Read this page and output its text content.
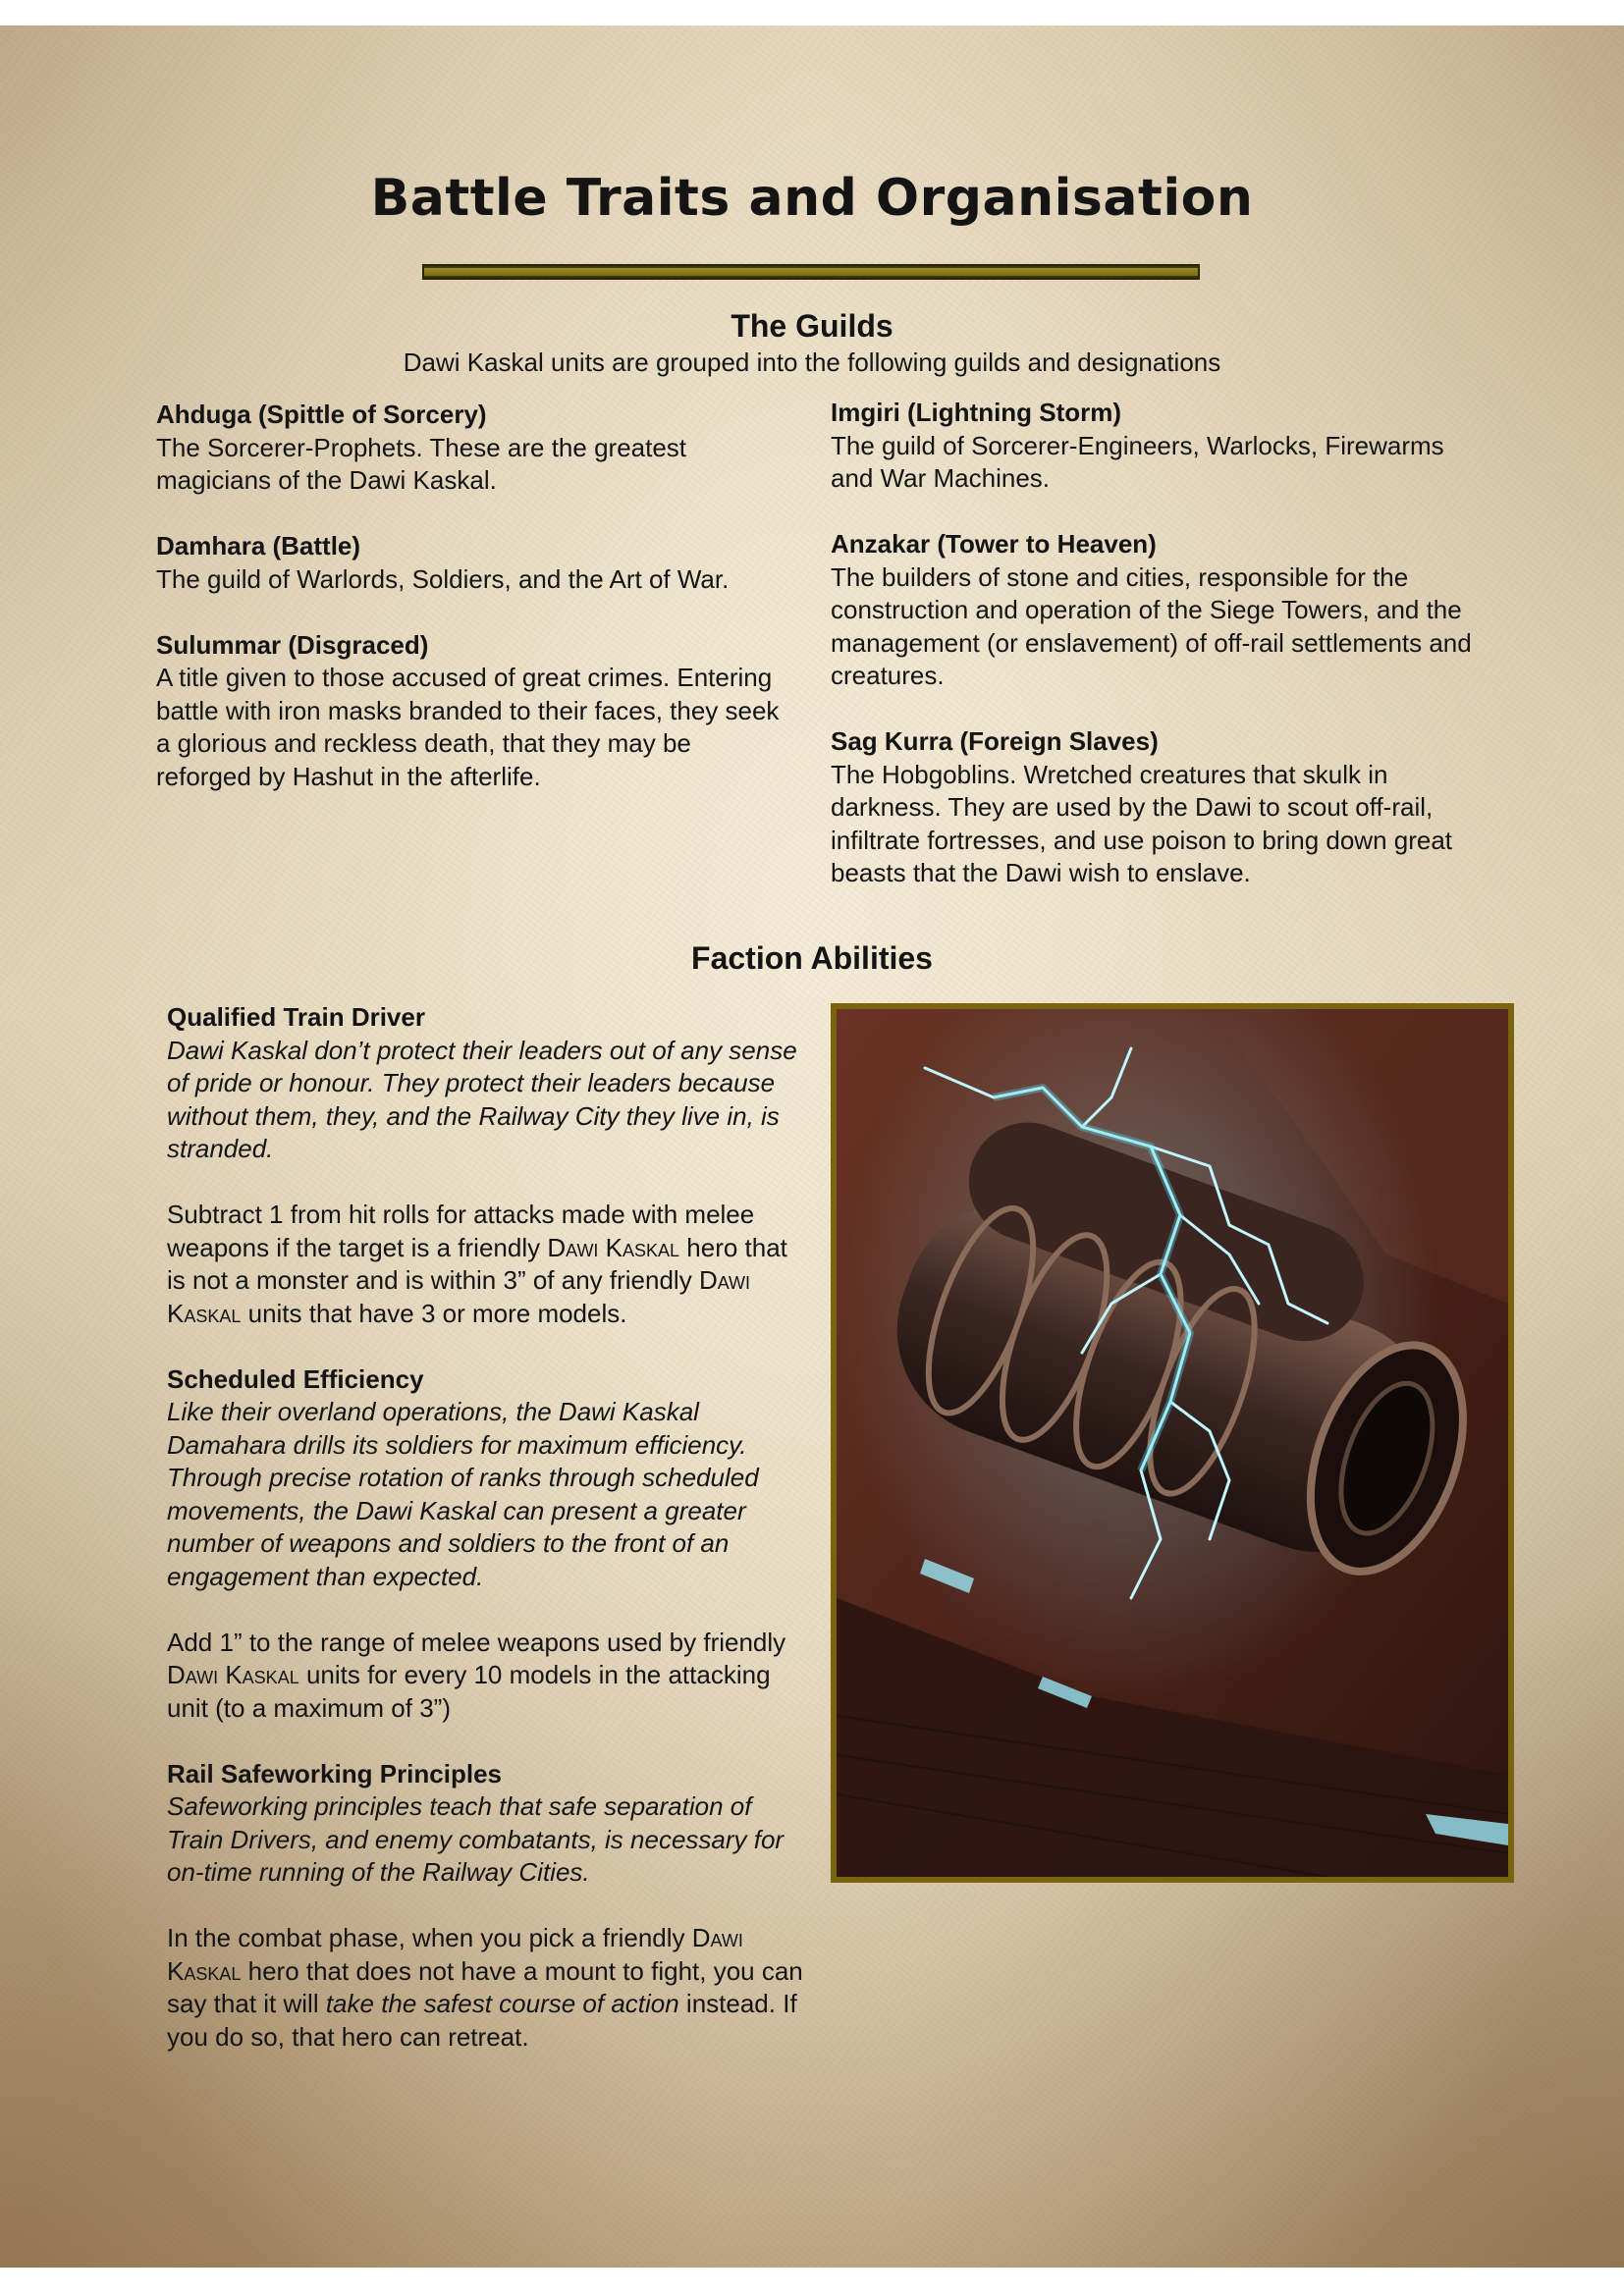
Battle Traits and Organisation
The Guilds

Dawi Kaskal units are grouped into the following guilds and designations

Ahduga (Spittle of Sorcery)
The Sorcerer-Prophets. These are the greatest magicians of the Dawi Kaskal.
Damhara (Battle)
The guild of Warlords, Soldiers, and the Art of War.
Sulummar (Disgraced)
A title given to those accused of great crimes. Entering battle with iron masks branded to their faces, they seek a glorious and reckless death, that they may be reforged by Hashut in the afterlife.
Imgiri (Lightning Storm)
The guild of Sorcerer-Engineers, Warlocks, Firewarms and War Machines.
Anzakar (Tower to Heaven)
The builders of stone and cities, responsible for the construction and operation of the Siege Towers, and the management (or enslavement) of off-rail settlements and creatures.
Sag Kurra (Foreign Slaves)
The Hobgoblins. Wretched creatures that skulk in darkness. They are used by the Dawi to scout off-rail, infiltrate fortresses, and use poison to bring down great beasts that the Dawi wish to enslave.
Faction Abilities
Qualified Train Driver
Dawi Kaskal don’t protect their leaders out of any sense of pride or honour. They protect their leaders because without them, they, and the Railway City they live in, is stranded.
Subtract 1 from hit rolls for attacks made with melee weapons if the target is a friendly Dawi Kaskal hero that is not a monster and is within 3” of any friendly Dawi Kaskal units that have 3 or more models.
Scheduled Efficiency
Like their overland operations, the Dawi Kaskal Damahara drills its soldiers for maximum efficiency. Through precise rotation of ranks through scheduled movements, the Dawi Kaskal can present a greater number of weapons and soldiers to the front of an engagement than expected.
Add 1” to the range of melee weapons used by friendly Dawi Kaskal units for every 10 models in the attacking unit (to a maximum of 3”)
Rail Safeworking Principles
Safeworking principles teach that safe separation of Train Drivers, and enemy combatants, is necessary for on-time running of the Railway Cities.
In the combat phase, when you pick a friendly Dawi Kaskal hero that does not have a mount to fight, you can say that it will take the safest course of action instead. If you do so, that hero can retreat.
